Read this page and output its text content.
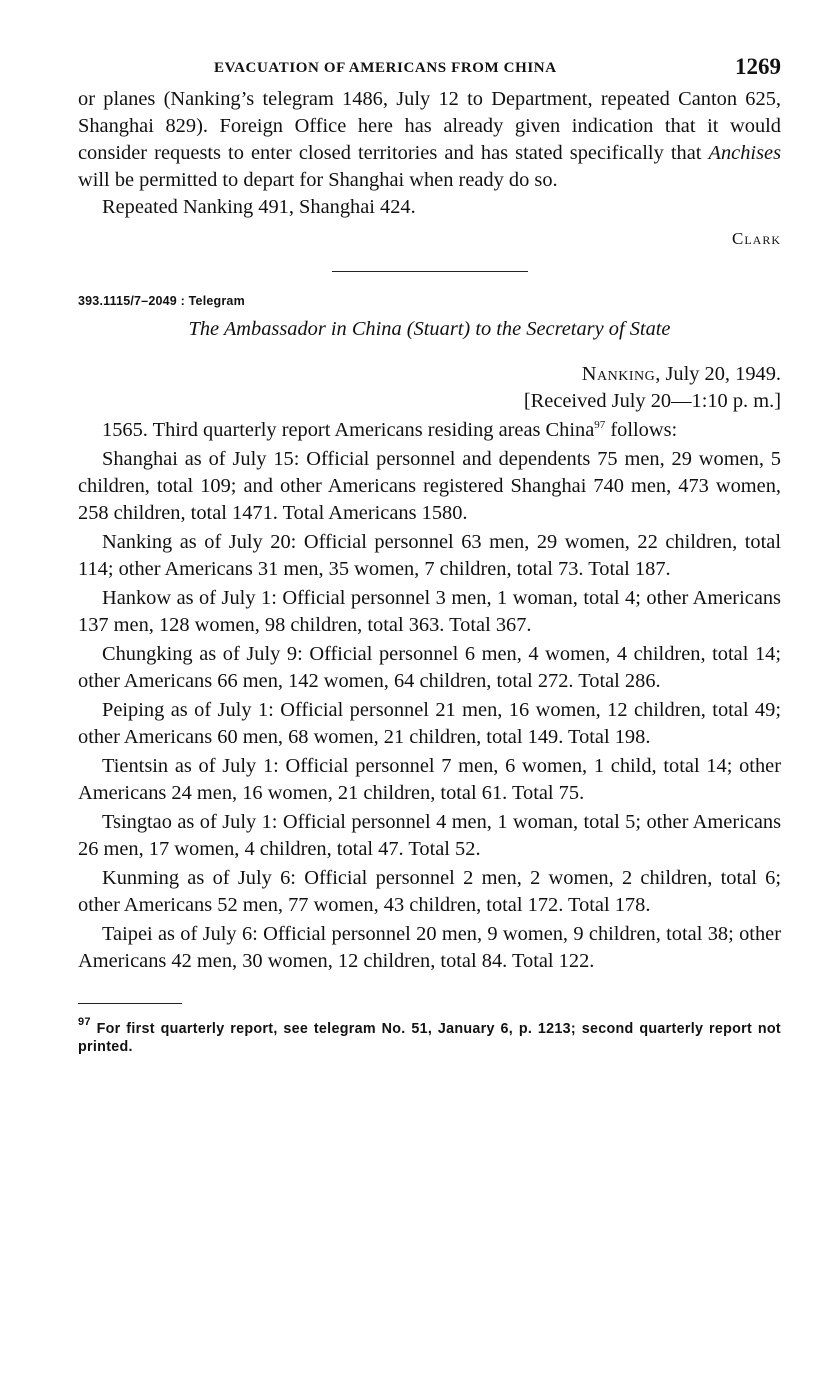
EVACUATION OF AMERICANS FROM CHINA	1269

or planes (Nanking’s telegram 1486, July 12 to Department, repeated Canton 625, Shanghai 829). Foreign Office here has already given indication that it would consider requests to enter closed territories and has stated specifically that Anchises will be permitted to depart for Shanghai when ready do so.

Repeated Nanking 491, Shanghai 424.

Clark
393.1115/7–2049 : Telegram
The Ambassador in China (Stuart) to the Secretary of State
Nanking, July 20, 1949.
[Received July 20—1:10 p. m.]

1565. Third quarterly report Americans residing areas China$^{97}$ follows:

Shanghai as of July 15: Official personnel and dependents 75 men, 29 women, 5 children, total 109; and other Americans registered Shanghai 740 men, 473 women, 258 children, total 1471. Total Americans 1580.

Nanking as of July 20: Official personnel 63 men, 29 women, 22 children, total 114; other Americans 31 men, 35 women, 7 children, total 73. Total 187.

Hankow as of July 1: Official personnel 3 men, 1 woman, total 4; other Americans 137 men, 128 women, 98 children, total 363. Total 367.

Chungking as of July 9: Official personnel 6 men, 4 women, 4 children, total 14; other Americans 66 men, 142 women, 64 children, total 272. Total 286.

Peiping as of July 1: Official personnel 21 men, 16 women, 12 children, total 49; other Americans 60 men, 68 women, 21 children, total 149. Total 198.

Tientsin as of July 1: Official personnel 7 men, 6 women, 1 child, total 14; other Americans 24 men, 16 women, 21 children, total 61. Total 75.

Tsingtao as of July 1: Official personnel 4 men, 1 woman, total 5; other Americans 26 men, 17 women, 4 children, total 47. Total 52.

Kunming as of July 6: Official personnel 2 men, 2 women, 2 children, total 6; other Americans 52 men, 77 women, 43 children, total 172. Total 178.

Taipei as of July 6: Official personnel 20 men, 9 women, 9 children, total 38; other Americans 42 men, 30 women, 12 children, total 84. Total 122.

$^{97}$ For first quarterly report, see telegram No. 51, January 6, p. 1213; second quarterly report not printed.
